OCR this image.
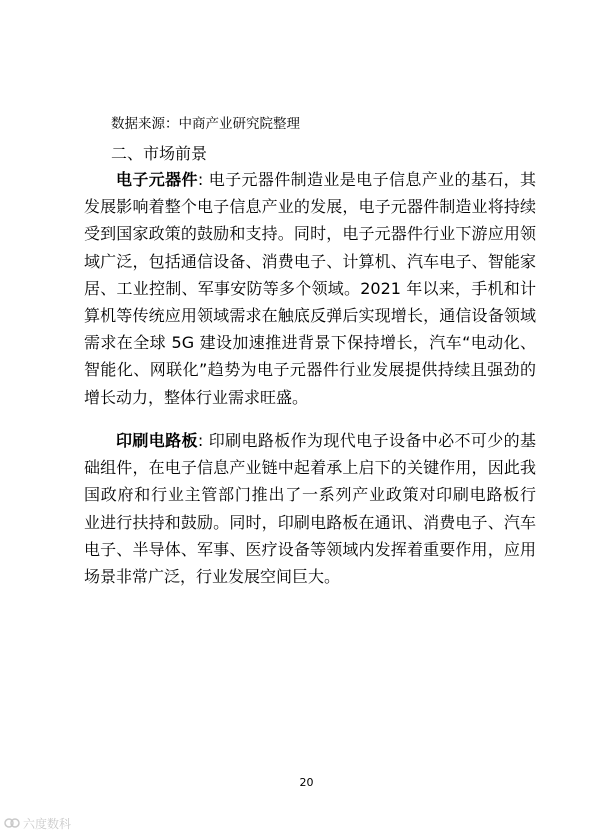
数据来源：中商产业研究院整理
二、市场前景
电子元器件: 电子元器件制造业是电子信息产业的基石，其
发展影响着整个电子信息产业的发展，电子元器件制造业将持续
受到国家政策的鼓励和支持。同时，电子元器件行业下游应用领
域广泛，包括通信设备、消费电子、计算机、汽车电子、智能家
居、工业控制、军事安防等多个领域。2021 年以来，手机和计
算机等传统应用领域需求在触底反弹后实现增长，通信设备领域
需求在全球 5G 建设加速推进背景下保持增长，汽车“电动化、
智能化、网联化”趋势为电子元器件行业发展提供持续且强劲的
增长动力，整体行业需求旺盛。
印刷电路板: 印刷电路板作为现代电子设备中必不可少的基
础组件，在电子信息产业链中起着承上启下的关键作用，因此我
国政府和行业主管部门推出了一系列产业政策对印刷电路板行
业进行扶持和鼓励。同时，印刷电路板在通讯、消费电子、汽车
电子、半导体、军事、医疗设备等领域内发挥着重要作用，应用
场景非常广泛，行业发展空间巨大。
20
六度数科
